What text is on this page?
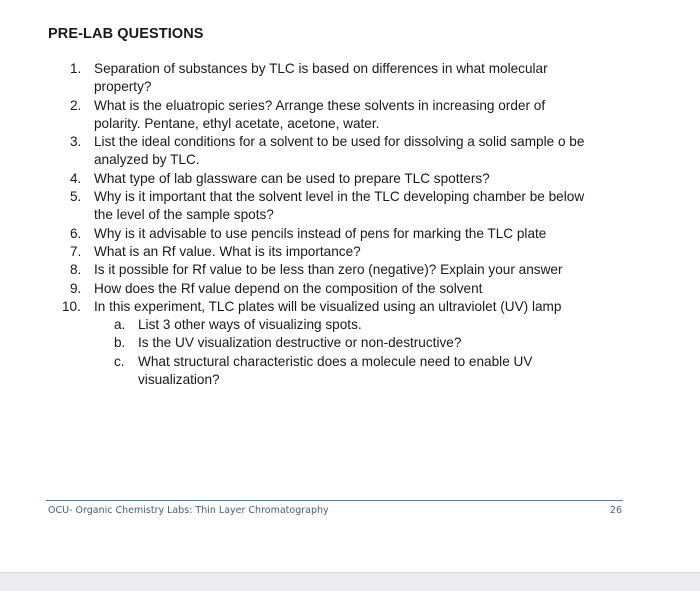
PRE-LAB QUESTIONS
1. Separation of substances by TLC is based on differences in what molecular property?
2. What is the eluatropic series? Arrange these solvents in increasing order of polarity. Pentane, ethyl acetate, acetone, water.
3. List the ideal conditions for a solvent to be used for dissolving a solid sample o be analyzed by TLC.
4. What type of lab glassware can be used to prepare TLC spotters?
5. Why is it important that the solvent level in the TLC developing chamber be below the level of the sample spots?
6. Why is it advisable to use pencils instead of pens for marking the TLC plate
7. What is an Rf value. What is its importance?
8. Is it possible for Rf value to be less than zero (negative)? Explain your answer
9. How does the Rf value depend on the composition of the solvent
10. In this experiment, TLC plates will be visualized using an ultraviolet (UV) lamp
a. List 3 other ways of visualizing spots.
b. Is the UV visualization destructive or non-destructive?
c. What structural characteristic does a molecule need to enable UV visualization?
OCU- Organic Chemistry Labs: Thin Layer Chromatography	26
